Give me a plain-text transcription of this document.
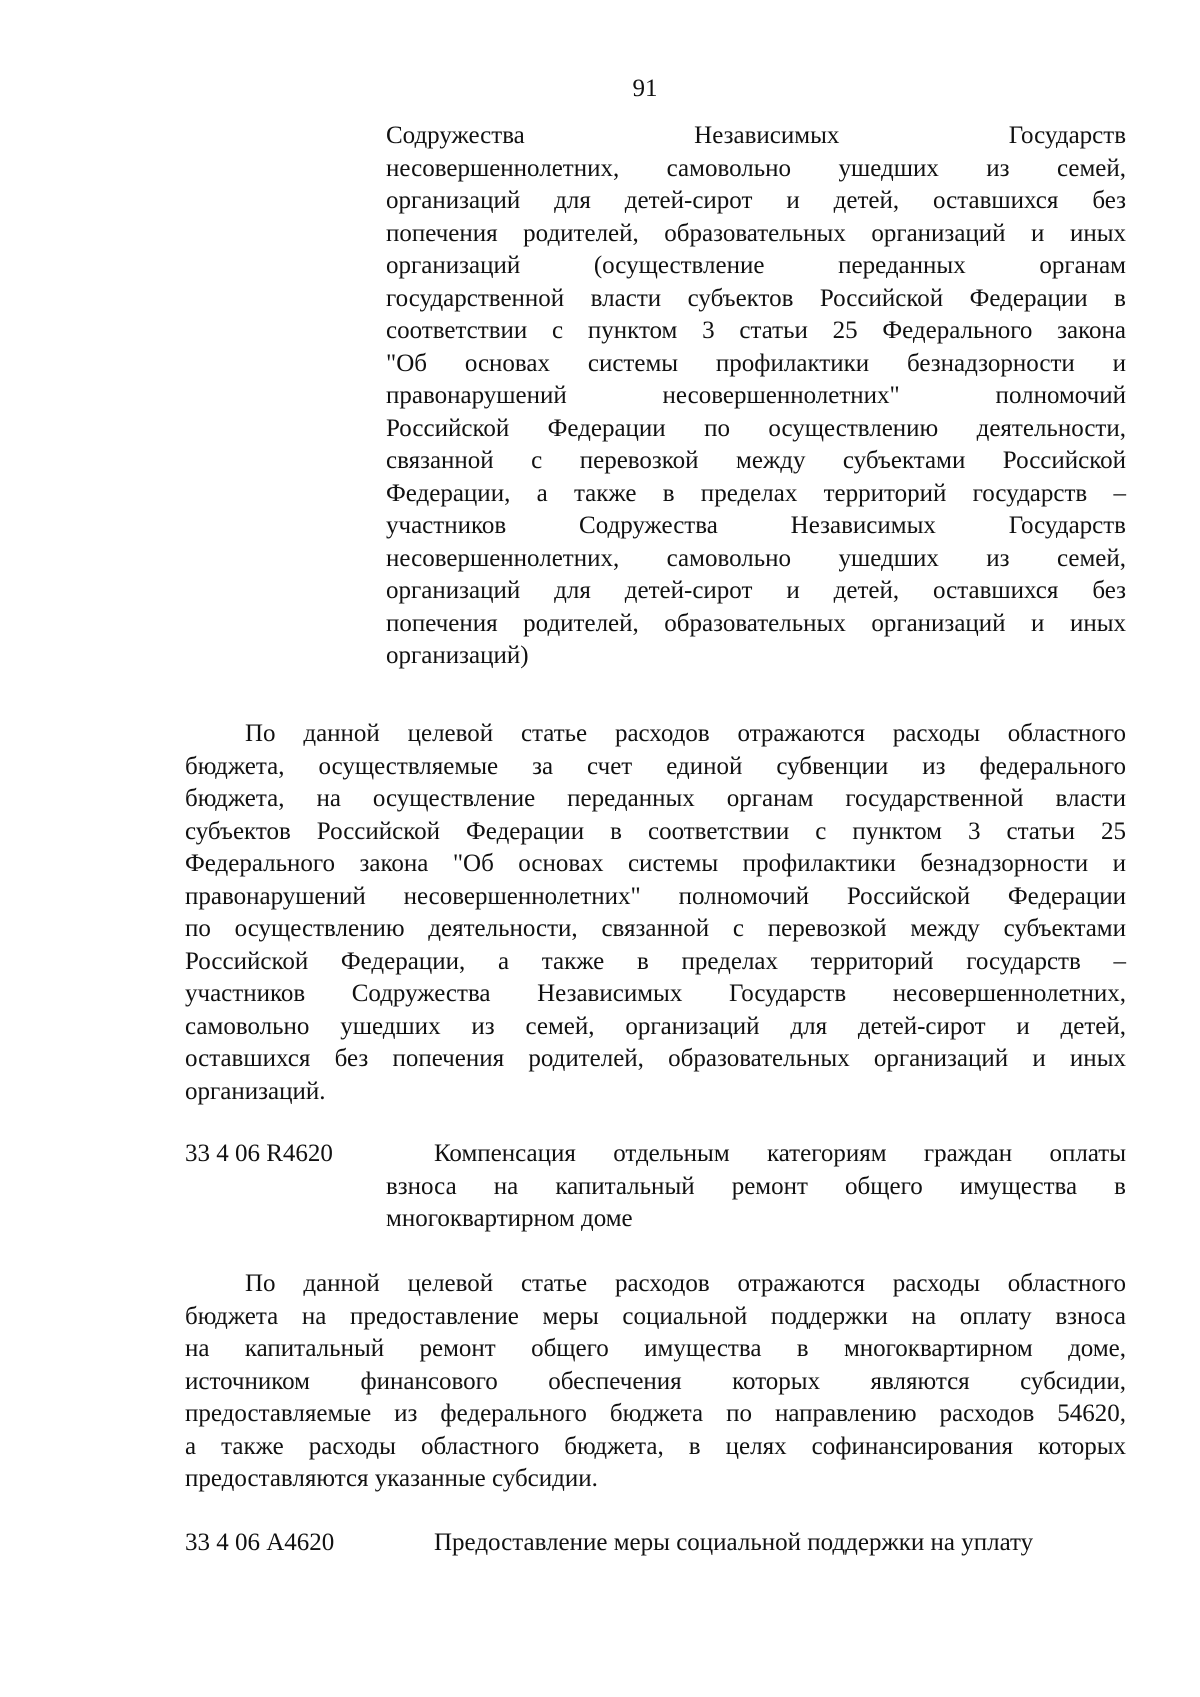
91
Содружества Независимых Государств
несовершеннолетних, самовольно ушедших из семей,
организаций для детей-сирот и детей, оставшихся без
попечения родителей, образовательных организаций и иных
организаций (осуществление переданных органам
государственной власти субъектов Российской Федерации в
соответствии с пунктом 3 статьи 25 Федерального закона
"Об основах системы профилактики безнадзорности и
правонарушений несовершеннолетних" полномочий
Российской Федерации по осуществлению деятельности,
связанной с перевозкой между субъектами Российской
Федерации, а также в пределах территорий государств –
участников Содружества Независимых Государств
несовершеннолетних, самовольно ушедших из семей,
организаций для детей-сирот и детей, оставшихся без
попечения родителей, образовательных организаций и иных
организаций)
По данной целевой статье расходов отражаются расходы областного
бюджета, осуществляемые за счет единой субвенции из федерального
бюджета, на осуществление переданных органам государственной власти
субъектов Российской Федерации в соответствии с пунктом 3 статьи 25
Федерального закона "Об основах системы профилактики безнадзорности и
правонарушений несовершеннолетних" полномочий Российской Федерации
по осуществлению деятельности, связанной с перевозкой между субъектами
Российской Федерации, а также в пределах территорий государств –
участников Содружества Независимых Государств несовершеннолетних,
самовольно ушедших из семей, организаций для детей-сирот и детей,
оставшихся без попечения родителей, образовательных организаций и иных
организаций.
33 4 06 R4620	Компенсация отдельным категориям граждан оплаты
взноса на капитальный ремонт общего имущества в
многоквартирном доме
По данной целевой статье расходов отражаются расходы областного
бюджета на предоставление меры социальной поддержки на оплату взноса
на капитальный ремонт общего имущества в многоквартирном доме,
источником финансового обеспечения которых являются субсидии,
предоставляемые из федерального бюджета по направлению расходов 54620,
а также расходы областного бюджета, в целях софинансирования которых
предоставляются указанные субсидии.
33 4 06 А4620	Предоставление меры социальной поддержки на уплату
